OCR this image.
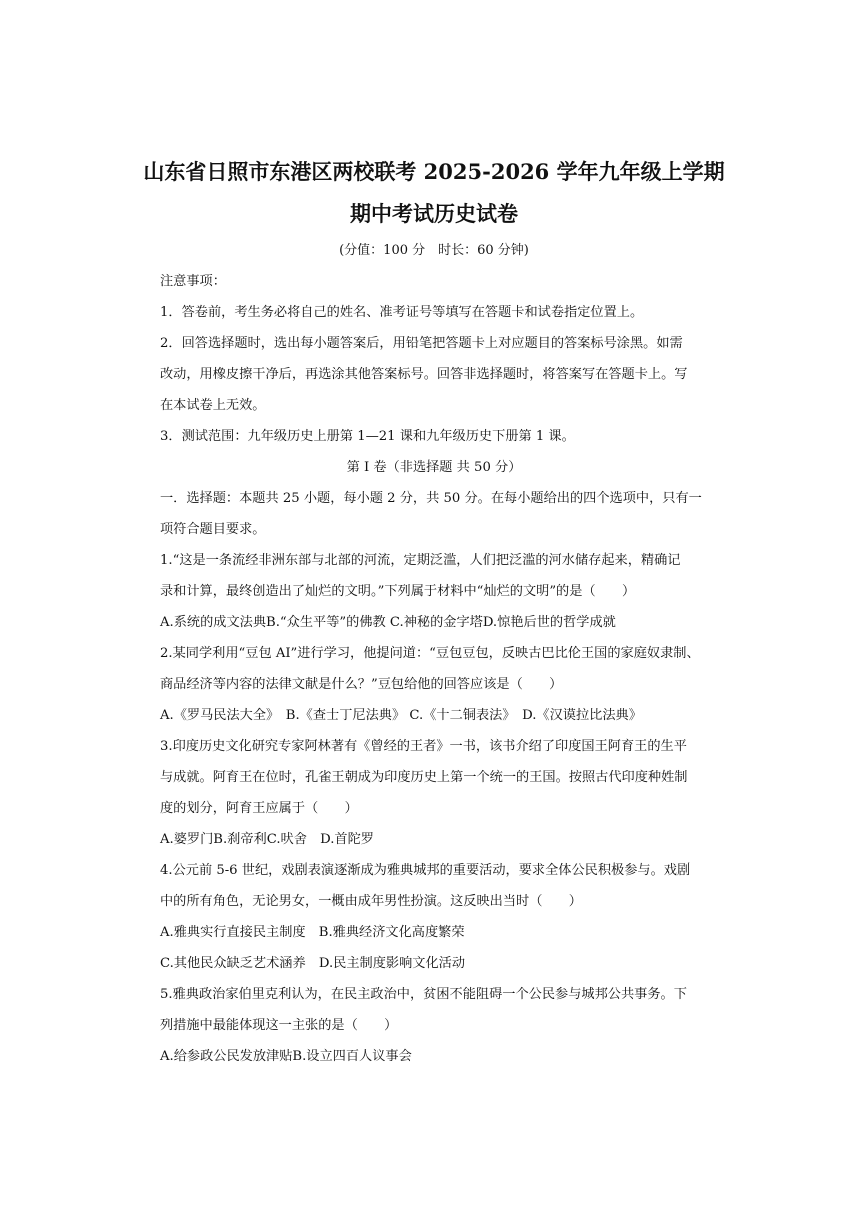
山东省日照市东港区两校联考 2025-2026 学年九年级上学期
期中考试历史试卷
(分值：100 分　时长：60 分钟)
注意事项：
1．答卷前，考生务必将自己的姓名、准考证号等填写在答题卡和试卷指定位置上。
2．回答选择题时，选出每小题答案后，用铅笔把答题卡上对应题目的答案标号涂黑。如需
改动，用橡皮擦干净后，再选涂其他答案标号。回答非选择题时，将答案写在答题卡上。写
在本试卷上无效。
3．测试范围：九年级历史上册第 1—21 课和九年级历史下册第 1 课。
第 I 卷（非选择题 共 50 分）
一．选择题：本题共 25 小题，每小题 2 分，共 50 分。在每小题给出的四个选项中，只有一
项符合题目要求。
1.“这是一条流经非洲东部与北部的河流，定期泛滥，人们把泛滥的河水储存起来，精确记
录和计算，最终创造出了灿烂的文明。”下列属于材料中“灿烂的文明”的是（　　）
A.系统的成文法典B.“众生平等”的佛教 C.神秘的金字塔D.惊艳后世的哲学成就
2.某同学利用“豆包 AI”进行学习，他提问道：“豆包豆包，反映古巴比伦王国的家庭奴隶制、
商品经济等内容的法律文献是什么？”豆包给他的回答应该是（　　）
A.《罗马民法大全》　B.《查士丁尼法典》 C.《十二铜表法》　D.《汉谟拉比法典》
3.印度历史文化研究专家阿林著有《曾经的王者》一书，该书介绍了印度国王阿育王的生平
与成就。阿育王在位时，孔雀王朝成为印度历史上第一个统一的王国。按照古代印度种姓制
度的划分，阿育王应属于（　　）
A.婆罗门B.刹帝利C.吠舍　D.首陀罗
4.公元前 5-6 世纪，戏剧表演逐渐成为雅典城邦的重要活动，要求全体公民积极参与。戏剧
中的所有角色，无论男女，一概由成年男性扮演。这反映出当时（　　）
A.雅典实行直接民主制度　B.雅典经济文化高度繁荣
C.其他民众缺乏艺术涵养　D.民主制度影响文化活动
5.雅典政治家伯里克利认为，在民主政治中，贫困不能阻碍一个公民参与城邦公共事务。下
列措施中最能体现这一主张的是（　　）
A.给参政公民发放津贴B.设立四百人议事会
